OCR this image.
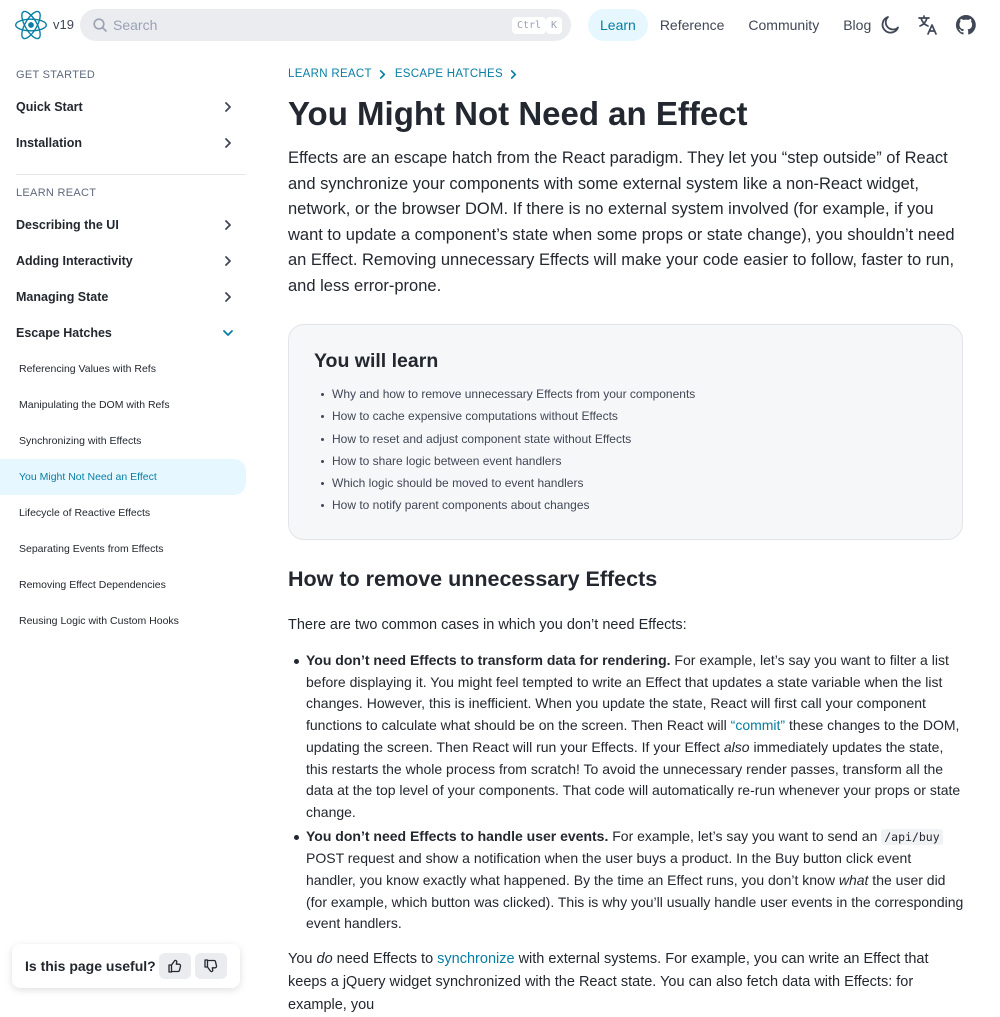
v19	Search	Ctrl K	Learn	Reference	Community	Blog
GET STARTED
Quick Start
Installation
LEARN REACT
Describing the UI
Adding Interactivity
Managing State
Escape Hatches
Referencing Values with Refs
Manipulating the DOM with Refs
Synchronizing with Effects
You Might Not Need an Effect
Lifecycle of Reactive Effects
Separating Events from Effects
Removing Effect Dependencies
Reusing Logic with Custom Hooks
LEARN REACT ESCAPE HATCHES
You Might Not Need an Effect

Effects are an escape hatch from the React paradigm. They let you “step outside” of React and synchronize your components with some external system like a non-React widget, network, or the browser DOM. If there is no external system involved (for example, if you want to update a component’s state when some props or state change), you shouldn’t need an Effect. Removing unnecessary Effects will make your code easier to follow, faster to run, and less error-prone.

You will learn
Why and how to remove unnecessary Effects from your components
How to cache expensive computations without Effects
How to reset and adjust component state without Effects
How to share logic between event handlers
Which logic should be moved to event handlers
How to notify parent components about changes
How to remove unnecessary Effects

There are two common cases in which you don’t need Effects:

You don’t need Effects to transform data for rendering. For example, let’s say you want to filter a list before displaying it. You might feel tempted to write an Effect that updates a state variable when the list changes. However, this is inefficient. When you update the state, React will first call your component functions to calculate what should be on the screen. Then React will “commit” these changes to the DOM, updating the screen. Then React will run your Effects. If your Effect also immediately updates the state, this restarts the whole process from scratch! To avoid the unnecessary render passes, transform all the data at the top level of your components. That code will automatically re-run whenever your props or state change.
You don’t need Effects to handle user events. For example, let’s say you want to send an /api/buy POST request and show a notification when the user buys a product. In the Buy button click event handler, you know exactly what happened. By the time an Effect runs, you don’t know what the user did (for example, which button was clicked). This is why you’ll usually handle user events in the corresponding event handlers.

You do need Effects to synchronize with external systems. For example, you can write an Effect that keeps a jQuery widget synchronized with the React state. You can also fetch data with Effects: for example, you

Is this page useful?
